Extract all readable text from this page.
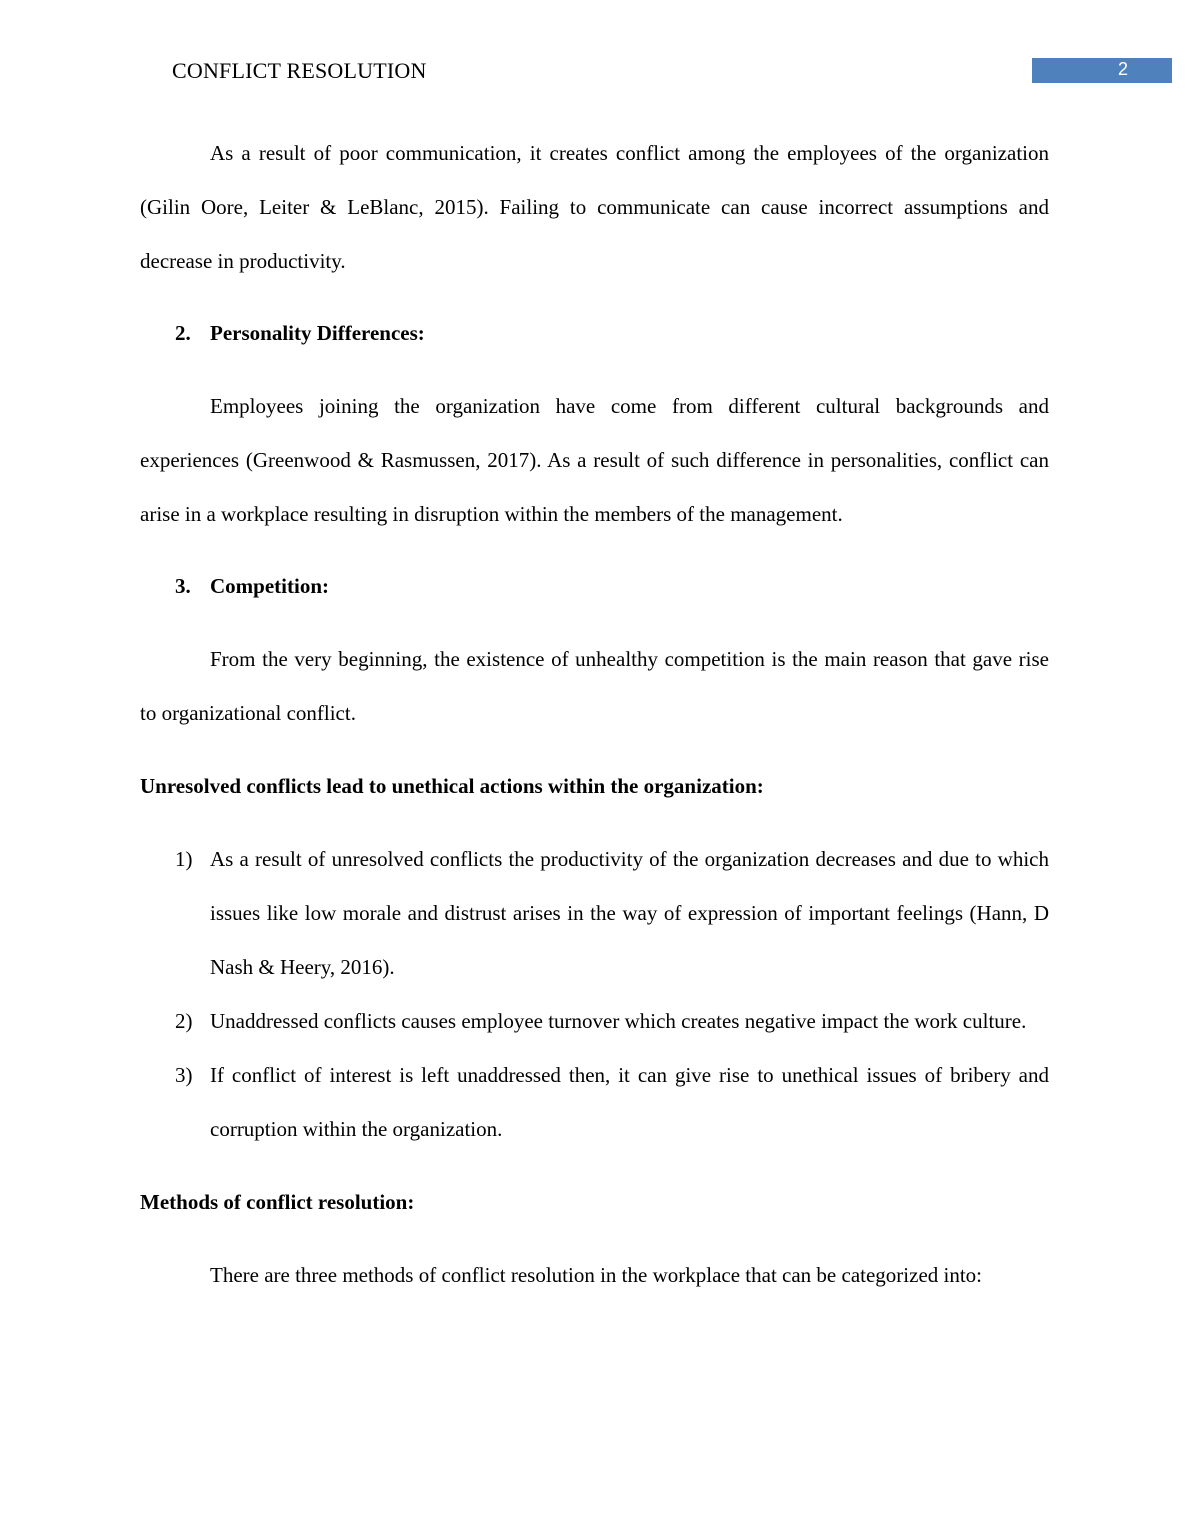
CONFLICT RESOLUTION	2

As a result of poor communication, it creates conflict among the employees of the organization (Gilin Oore, Leiter & LeBlanc, 2015). Failing to communicate can cause incorrect assumptions and decrease in productivity.

2. Personality Differences:

Employees joining the organization have come from different cultural backgrounds and experiences (Greenwood & Rasmussen, 2017). As a result of such difference in personalities, conflict can arise in a workplace resulting in disruption within the members of the management.

3. Competition:

From the very beginning, the existence of unhealthy competition is the main reason that gave rise to organizational conflict.

Unresolved conflicts lead to unethical actions within the organization:

1) As a result of unresolved conflicts the productivity of the organization decreases and due to which issues like low morale and distrust arises in the way of expression of important feelings (Hann, D Nash & Heery, 2016).
2) Unaddressed conflicts causes employee turnover which creates negative impact the work culture.
3) If conflict of interest is left unaddressed then, it can give rise to unethical issues of bribery and corruption within the organization.

Methods of conflict resolution:

There are three methods of conflict resolution in the workplace that can be categorized into:
